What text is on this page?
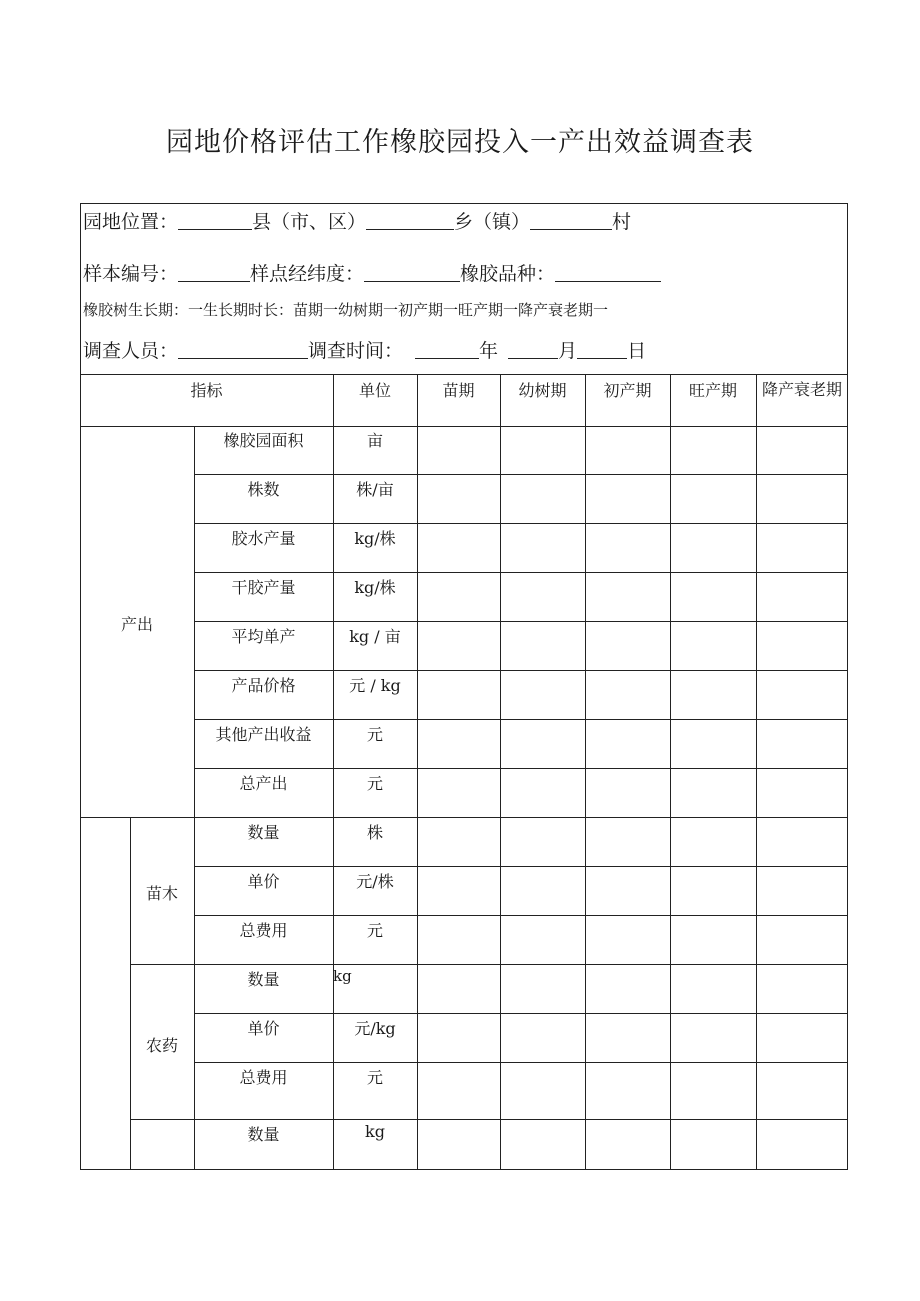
园地价格评估工作橡胶园投入一产出效益调查表
园地位置：	县（市、区）	乡（镇）	村
样本编号：	样点经纬度：	橡胶品种：
橡胶树生长期：一生长期时长：苗期一幼树期一初产期一旺产期一降产衰老期一
调查人员：	调查时间：	年	月	日
指标	单位	苗期	幼树期	初产期	旺产期	降产衰老期
产出
橡胶园面积	亩
株数	株/亩
胶水产量	kg/株
干胶产量	kg/株
平均单产	kg / 亩
产品价格	元 / kg
其他产出收益	元
总产出	元
苗木
数量	株
单价	元/株
总费用	元
农药
数量	kg
单价	元/kg
总费用	元
数量	kg
